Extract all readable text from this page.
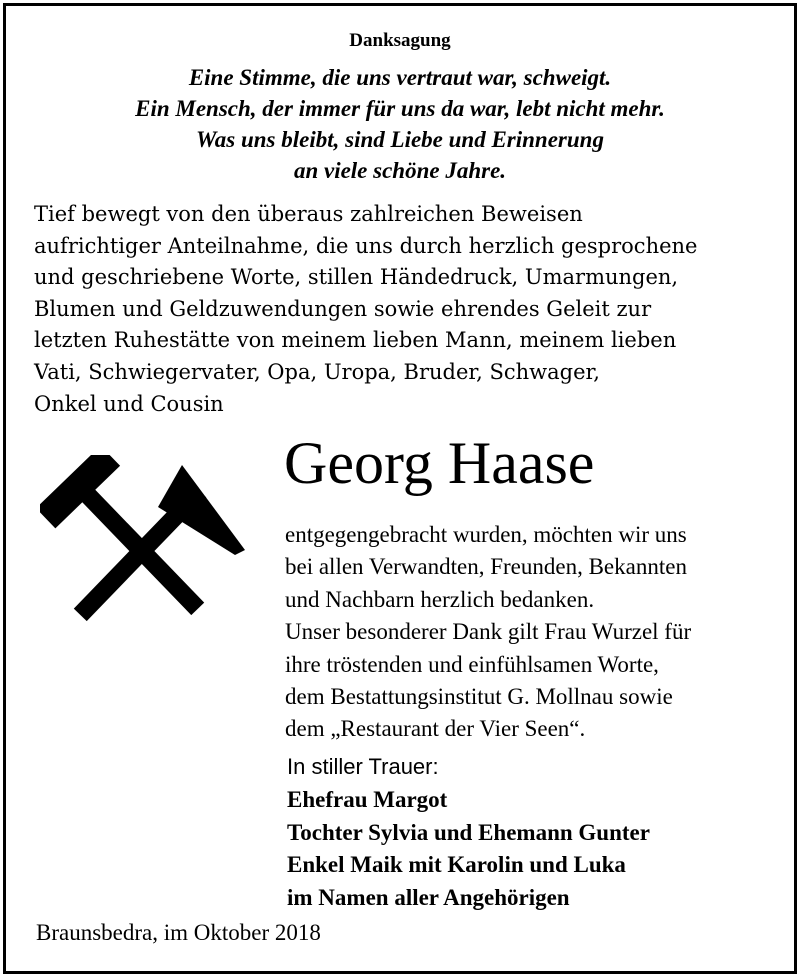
Danksagung
Eine Stimme, die uns vertraut war, schweigt.
Ein Mensch, der immer für uns da war, lebt nicht mehr.
Was uns bleibt, sind Liebe und Erinnerung
an viele schöne Jahre.
Tief bewegt von den überaus zahlreichen Beweisen
aufrichtiger Anteilnahme, die uns durch herzlich gesprochene
und geschriebene Worte, stillen Händedruck, Umarmungen,
Blumen und Geldzuwendungen sowie ehrendes Geleit zur
letzten Ruhestätte von meinem lieben Mann, meinem lieben
Vati, Schwiegervater, Opa, Uropa, Bruder, Schwager,
Onkel und Cousin
Georg Haase
entgegengebracht wurden, möchten wir uns
bei allen Verwandten, Freunden, Bekannten
und Nachbarn herzlich bedanken.
Unser besonderer Dank gilt Frau Wurzel für
ihre tröstenden und einfühlsamen Worte,
dem Bestattungsinstitut G. Mollnau sowie
dem „Restaurant der Vier Seen“.
In stiller Trauer:
Ehefrau Margot
Tochter Sylvia und Ehemann Gunter
Enkel Maik mit Karolin und Luka
im Namen aller Angehörigen
Braunsbedra, im Oktober 2018
